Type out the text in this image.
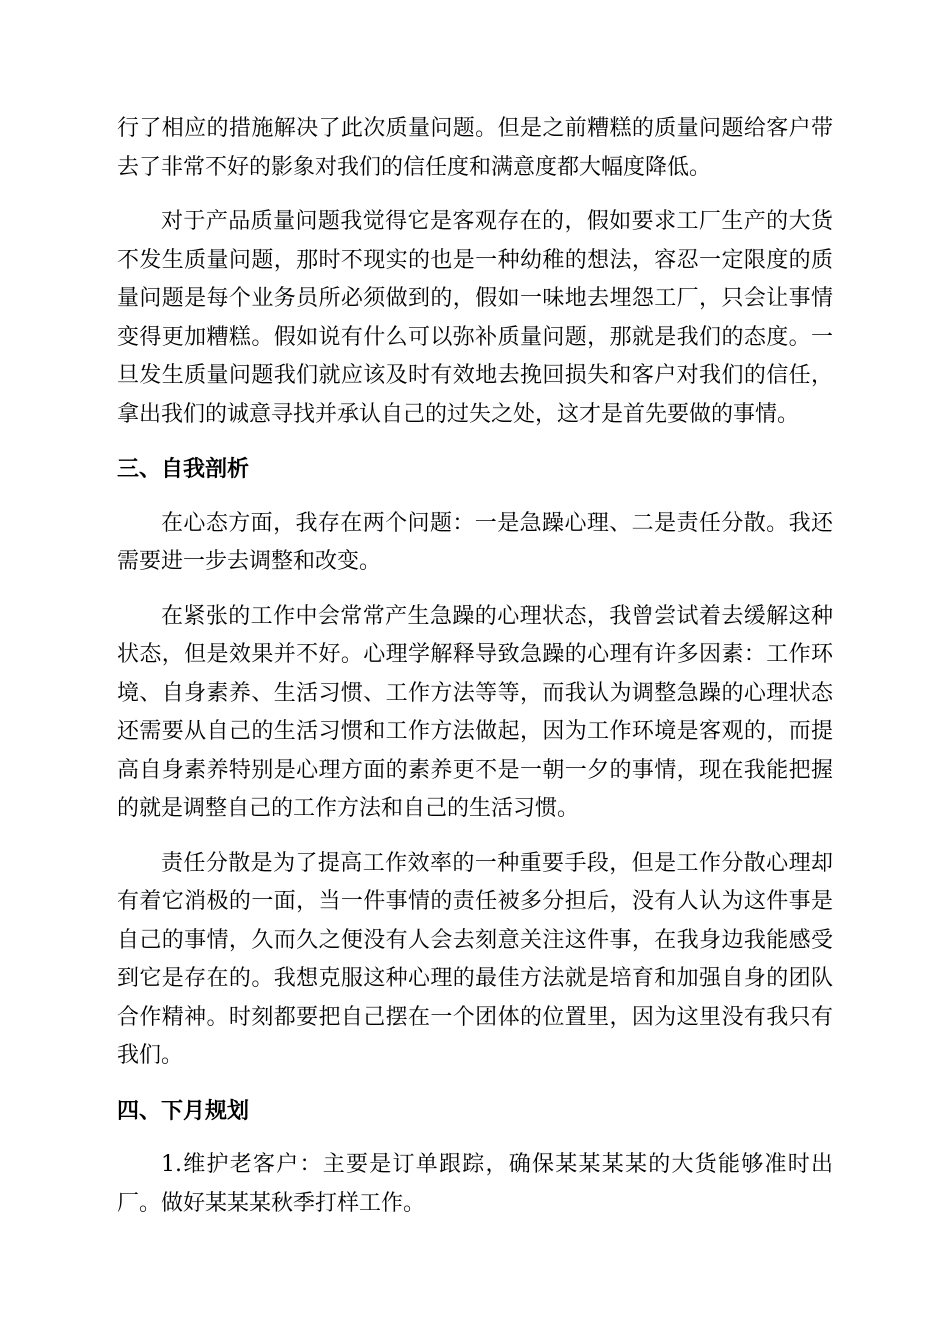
行了相应的措施解决了此次质量问题。但是之前糟糕的质量问题给客户带去了非常不好的影象对我们的信任度和满意度都大幅度降低。

对于产品质量问题我觉得它是客观存在的，假如要求工厂生产的大货不发生质量问题，那时不现实的也是一种幼稚的想法，容忍一定限度的质量问题是每个业务员所必须做到的，假如一味地去埋怨工厂，只会让事情变得更加糟糕。假如说有什么可以弥补质量问题，那就是我们的态度。一旦发生质量问题我们就应该及时有效地去挽回损失和客户对我们的信任，拿出我们的诚意寻找并承认自己的过失之处，这才是首先要做的事情。

三、自我剖析

在心态方面，我存在两个问题：一是急躁心理、二是责任分散。我还需要进一步去调整和改变。

在紧张的工作中会常常产生急躁的心理状态，我曾尝试着去缓解这种状态，但是效果并不好。心理学解释导致急躁的心理有许多因素：工作环境、自身素养、生活习惯、工作方法等等，而我认为调整急躁的心理状态还需要从自己的生活习惯和工作方法做起，因为工作环境是客观的，而提高自身素养特别是心理方面的素养更不是一朝一夕的事情，现在我能把握的就是调整自己的工作方法和自己的生活习惯。

责任分散是为了提高工作效率的一种重要手段，但是工作分散心理却有着它消极的一面，当一件事情的责任被多分担后，没有人认为这件事是自己的事情，久而久之便没有人会去刻意关注这件事，在我身边我能感受到它是存在的。我想克服这种心理的最佳方法就是培育和加强自身的团队合作精神。时刻都要把自己摆在一个团体的位置里，因为这里没有我只有我们。

四、下月规划

1.维护老客户：主要是订单跟踪，确保某某某某的大货能够准时出厂。做好某某某秋季打样工作。
